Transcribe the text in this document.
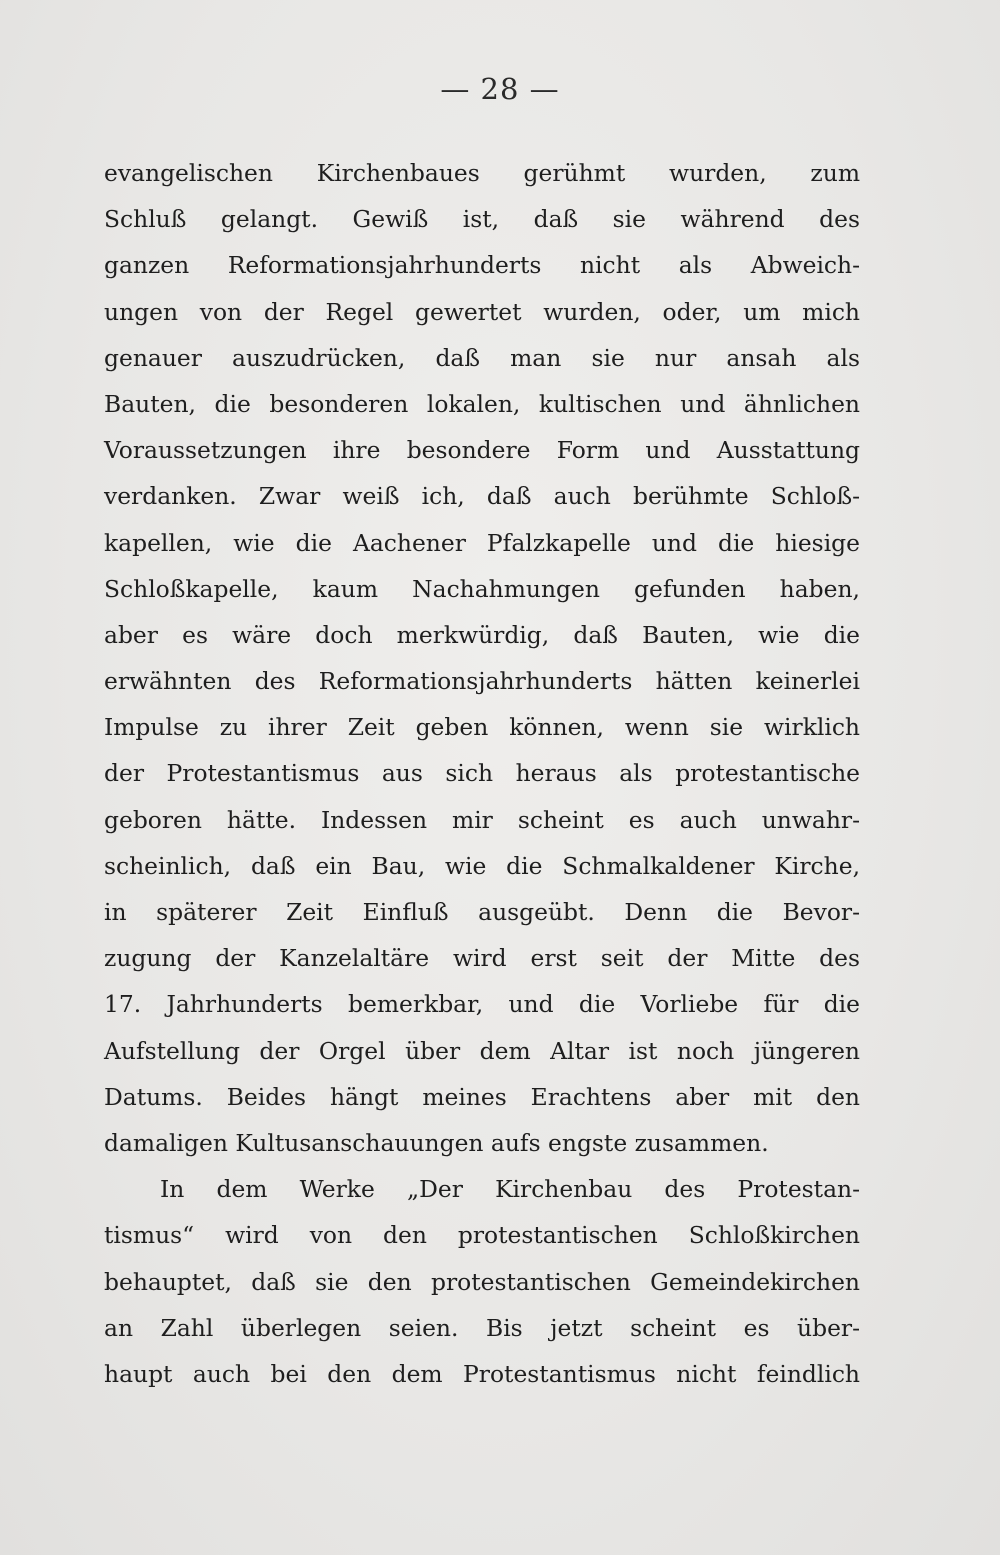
— 28 —
evangelischen Kirchenbaues gerühmt wurden, zum
Schluß gelangt. Gewiß ist, daß sie während des
ganzen Reformationsjahrhunderts nicht als Abweich-
ungen von der Regel gewertet wurden, oder, um mich
genauer auszudrücken, daß man sie nur ansah als
Bauten, die besonderen lokalen, kultischen und ähnlichen
Voraussetzungen ihre besondere Form und Ausstattung
verdanken. Zwar weiß ich, daß auch berühmte Schloß-
kapellen, wie die Aachener Pfalzkapelle und die hiesige
Schloßkapelle, kaum Nachahmungen gefunden haben,
aber es wäre doch merkwürdig, daß Bauten, wie die
erwähnten des Reformationsjahrhunderts hätten keinerlei
Impulse zu ihrer Zeit geben können, wenn sie wirklich
der Protestantismus aus sich heraus als protestantische
geboren hätte. Indessen mir scheint es auch unwahr-
scheinlich, daß ein Bau, wie die Schmalkaldener Kirche,
in späterer Zeit Einfluß ausgeübt. Denn die Bevor-
zugung der Kanzelaltäre wird erst seit der Mitte des
17. Jahrhunderts bemerkbar, und die Vorliebe für die
Aufstellung der Orgel über dem Altar ist noch jüngeren
Datums. Beides hängt meines Erachtens aber mit den
damaligen Kultusanschauungen aufs engste zusammen.
In dem Werke „Der Kirchenbau des Protestan-
tismus“ wird von den protestantischen Schloßkirchen
behauptet, daß sie den protestantischen Gemeindekirchen
an Zahl überlegen seien. Bis jetzt scheint es über-
haupt auch bei den dem Protestantismus nicht feindlich
